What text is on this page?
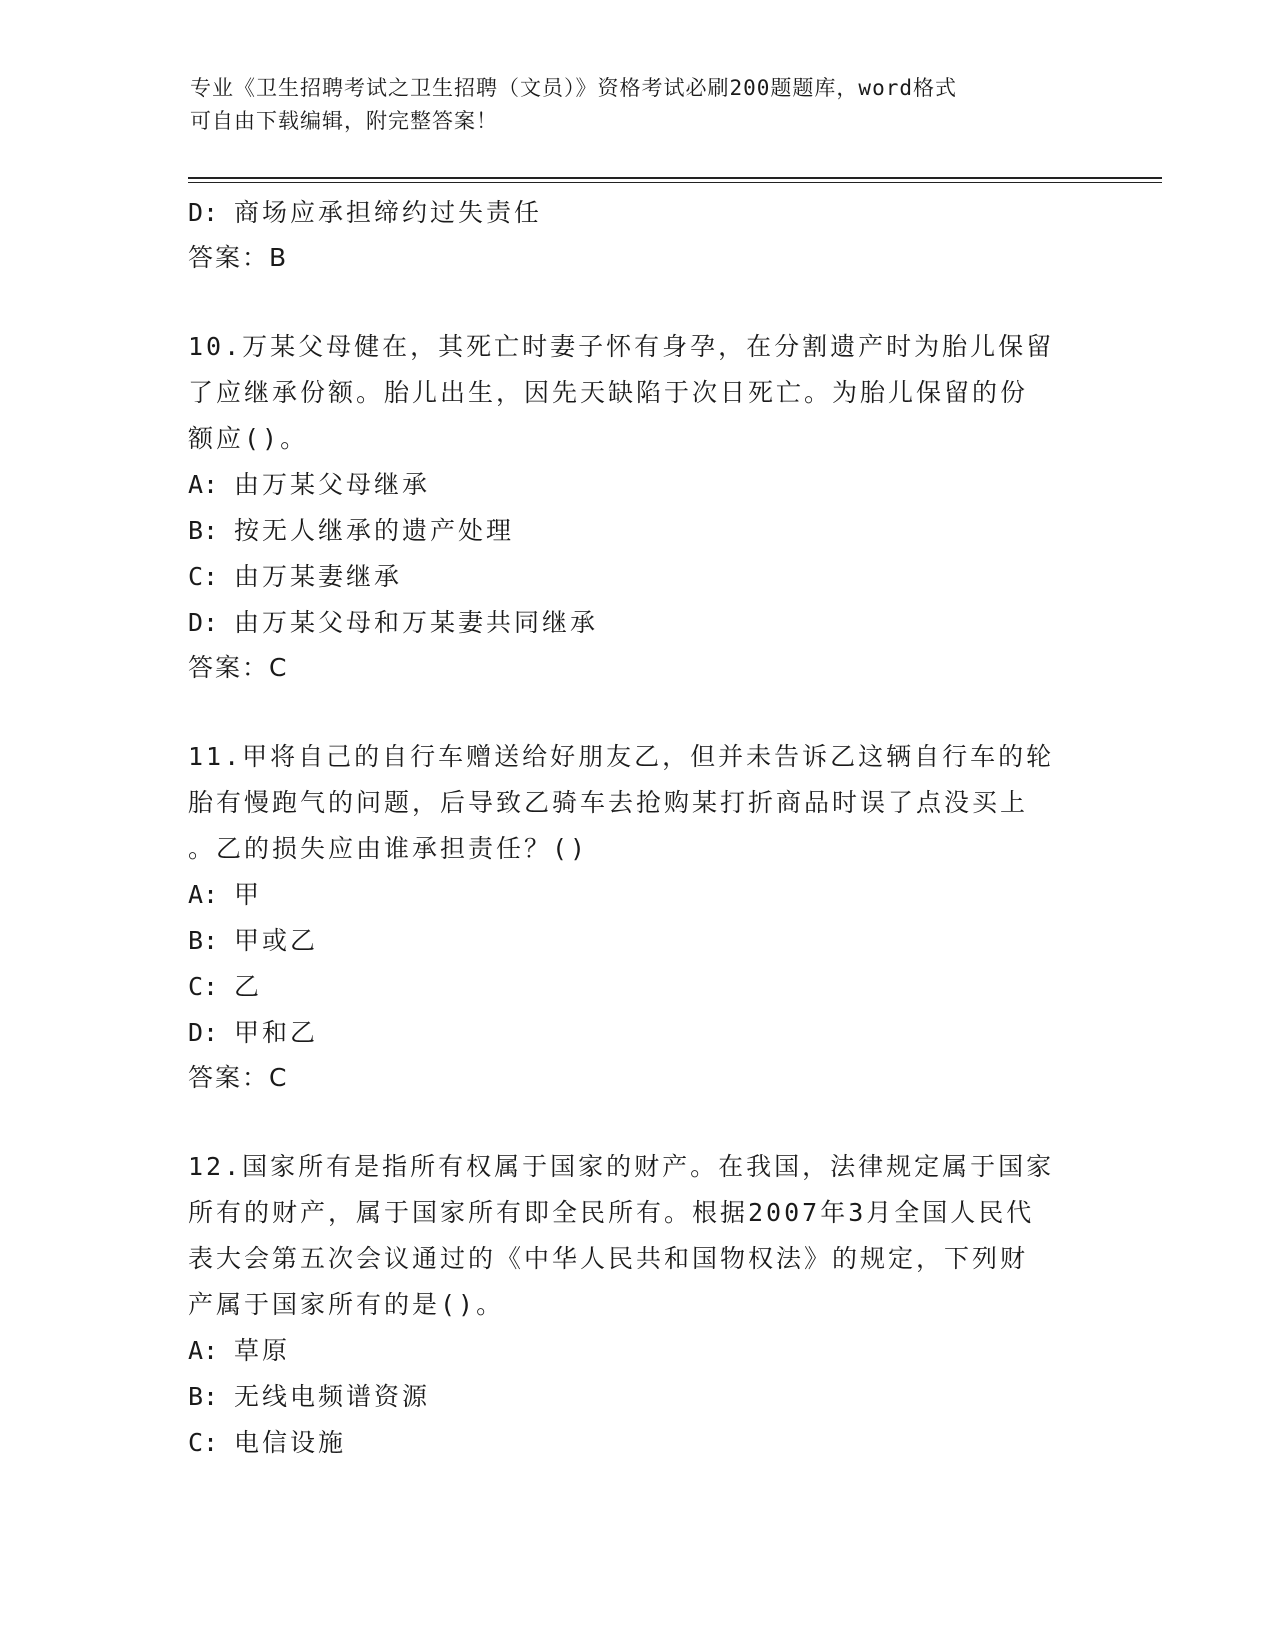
专业《卫生招聘考试之卫生招聘（文员）》资格考试必刷200题题库，word格式
可自由下载编辑，附完整答案！
D: 商场应承担缔约过失责任
答案：B
10.万某父母健在，其死亡时妻子怀有身孕，在分割遗产时为胎儿保留
了应继承份额。胎儿出生，因先天缺陷于次日死亡。为胎儿保留的份
额应()。
A: 由万某父母继承
B: 按无人继承的遗产处理
C: 由万某妻继承
D: 由万某父母和万某妻共同继承
答案：C
11.甲将自己的自行车赠送给好朋友乙，但并未告诉乙这辆自行车的轮
胎有慢跑气的问题，后导致乙骑车去抢购某打折商品时误了点没买上
。乙的损失应由谁承担责任？()
A: 甲
B: 甲或乙
C: 乙
D: 甲和乙
答案：C
12.国家所有是指所有权属于国家的财产。在我国，法律规定属于国家
所有的财产，属于国家所有即全民所有。根据2007年3月全国人民代
表大会第五次会议通过的《中华人民共和国物权法》的规定，下列财
产属于国家所有的是()。
A: 草原
B: 无线电频谱资源
C: 电信设施
